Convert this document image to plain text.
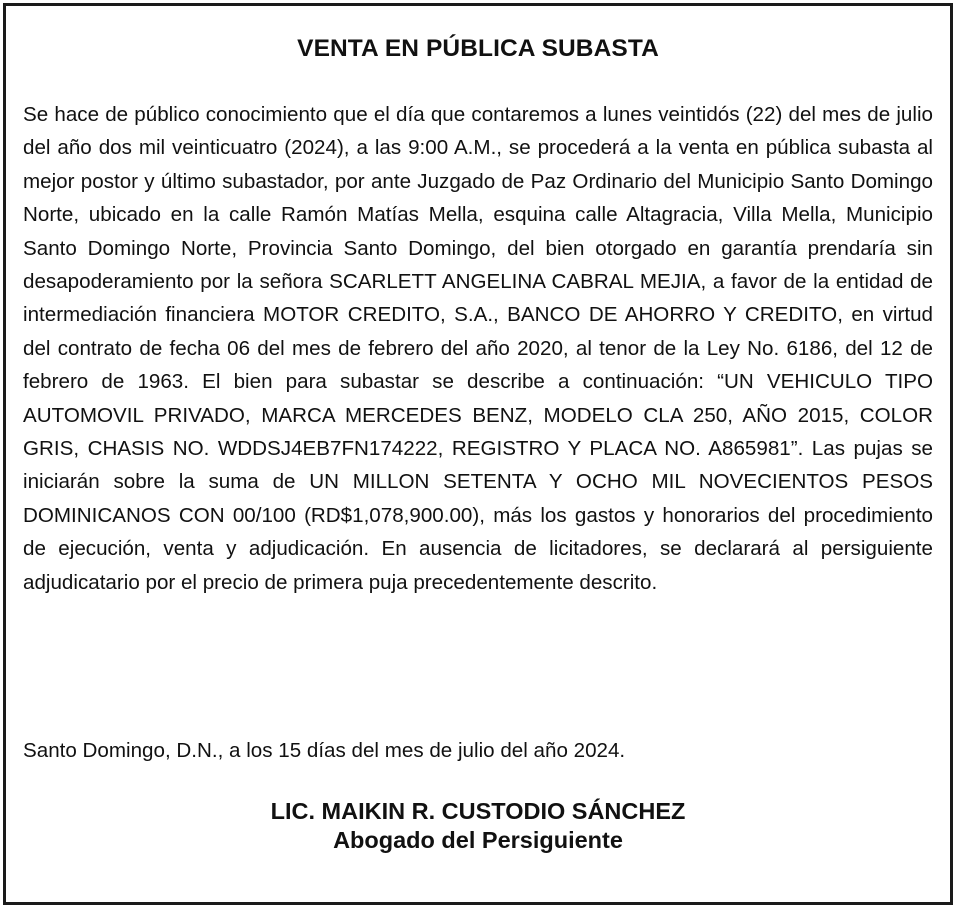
VENTA EN PÚBLICA SUBASTA

Se hace de público conocimiento que el día que contaremos a lunes veintidós (22) del mes de julio del año dos mil veinticuatro (2024), a las 9:00 A.M., se procederá a la venta en pública subasta al mejor postor y último subastador, por ante Juzgado de Paz Ordinario del Municipio Santo Domingo Norte, ubicado en la calle Ramón Matías Mella, esquina calle Altagracia, Villa Mella, Municipio Santo Domingo Norte, Provincia Santo Domingo, del bien otorgado en garantía prendaría sin desapoderamiento por la señora SCARLETT ANGELINA CABRAL MEJIA, a favor de la entidad de intermediación financiera MOTOR CREDITO, S.A., BANCO DE AHORRO Y CREDITO, en virtud del contrato de fecha 06 del mes de febrero del año 2020, al tenor de la Ley No. 6186, del 12 de febrero de 1963. El bien para subastar se describe a continuación: “UN VEHICULO TIPO AUTOMOVIL PRIVADO, MARCA MERCEDES BENZ, MODELO CLA 250, AÑO 2015, COLOR GRIS, CHASIS NO. WDDSJ4EB7FN174222, REGISTRO Y PLACA NO. A865981”. Las pujas se iniciarán sobre la suma de UN MILLON SETENTA Y OCHO MIL NOVECIENTOS PESOS DOMINICANOS CON 00/100 (RD$1,078,900.00), más los gastos y honorarios del procedimiento de ejecución, venta y adjudicación. En ausencia de licitadores, se declarará al persiguiente adjudicatario por el precio de primera puja precedentemente descrito.

Santo Domingo, D.N., a los 15 días del mes de julio del año 2024.

LIC. MAIKIN R. CUSTODIO SÁNCHEZ
Abogado del Persiguiente
